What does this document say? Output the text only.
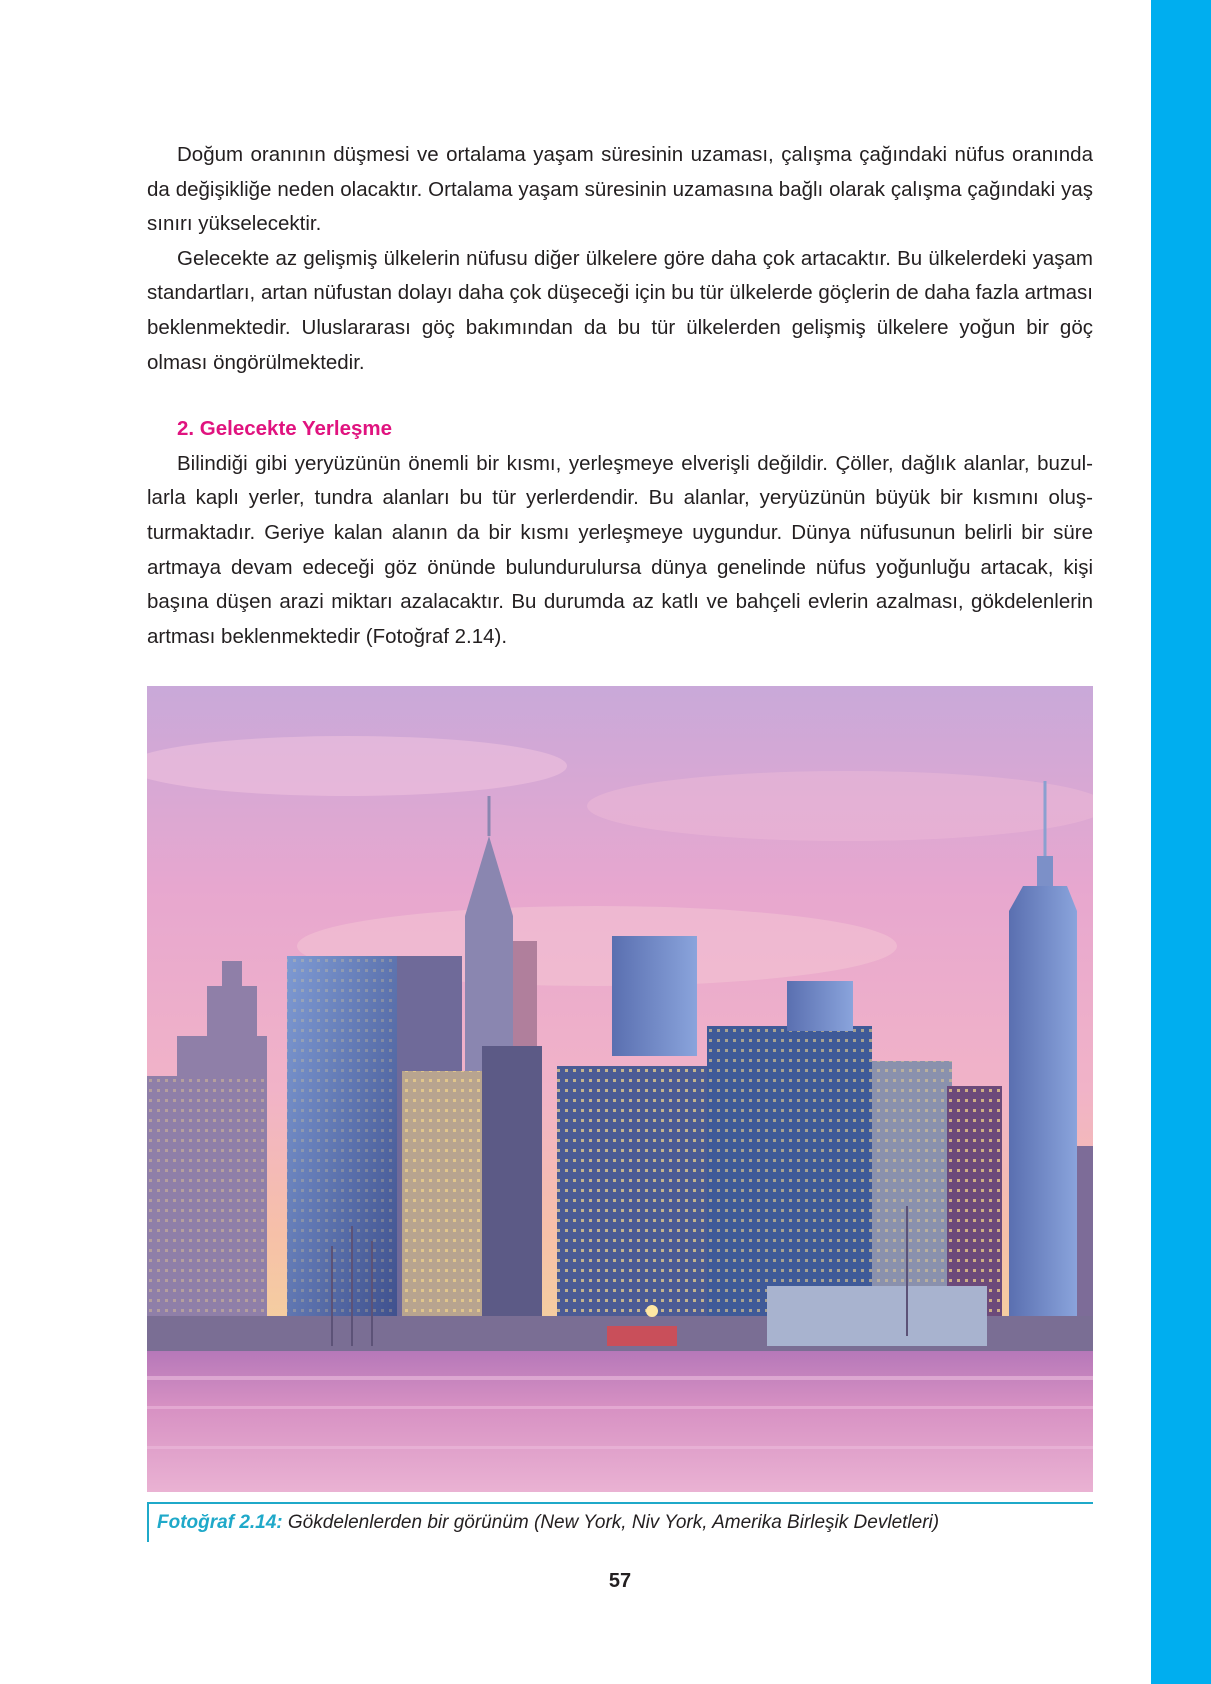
Doğum oranının düşmesi ve ortalama yaşam süresinin uzaması, çalışma çağındaki nüfus oranında da değişikliğe neden olacaktır. Ortalama yaşam süresinin uzamasına bağlı olarak çalışma çağındaki yaş sınırı yükselecektir.

Gelecekte az gelişmiş ülkelerin nüfusu diğer ülkelere göre daha çok artacaktır. Bu ülkelerdeki yaşam standartları, artan nüfustan dolayı daha çok düşeceği için bu tür ülkelerde göçlerin de daha fazla artması beklenmektedir. Uluslararası göç bakımından da bu tür ülkelerden gelişmiş ülkelere yoğun bir göç olması öngörülmektedir.

2. Gelecekte Yerleşme

Bilindiği gibi yeryüzünün önemli bir kısmı, yerleşmeye elverişli değildir. Çöller, dağlık alanlar, buzullarla kaplı yerler, tundra alanları bu tür yerlerdendir. Bu alanlar, yeryüzünün büyük bir kısmını oluşturmaktadır. Geriye kalan alanın da bir kısmı yerleşmeye uygundur. Dünya nüfusunun belirli bir süre artmaya devam edeceği göz önünde bulundurulursa dünya genelinde nüfus yoğunluğu artacak, kişi başına düşen arazi miktarı azalacaktır. Bu durumda az katlı ve bahçeli evlerin azalması, gökdelenlerin artması beklenmektedir (Fotoğraf 2.14).

Fotoğraf 2.14: Gökdelenlerden bir görünüm (New York, Niv York, Amerika Birleşik Devletleri)
57
